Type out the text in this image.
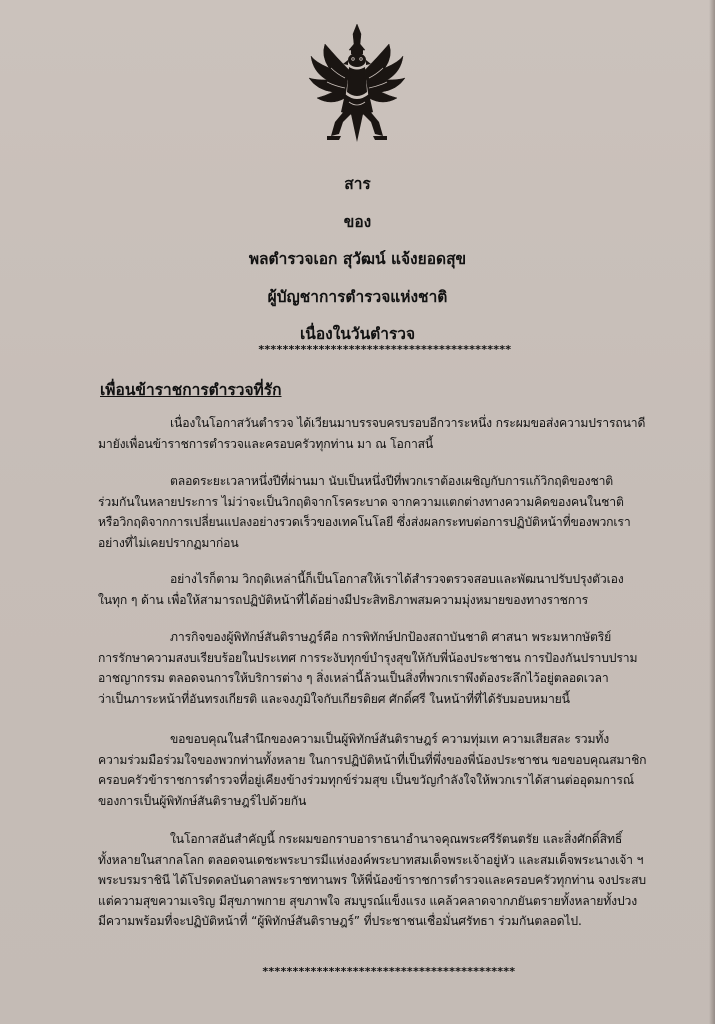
สาร
ของ
พลตำรวจเอก สุวัฒน์ แจ้งยอดสุข
ผู้บัญชาการตำรวจแห่งชาติ
เนื่องในวันตำรวจ
******************************************
เพื่อนข้าราชการตำรวจที่รัก
เนื่องในโอกาสวันตำรวจ ได้เวียนมาบรรจบครบรอบอีกวาระหนึ่ง กระผมขอส่งความปรารถนาดี
มายังเพื่อนข้าราชการตำรวจและครอบครัวทุกท่าน มา ณ โอกาสนี้
ตลอดระยะเวลาหนึ่งปีที่ผ่านมา นับเป็นหนึ่งปีที่พวกเราต้องเผชิญกับการแก้วิกฤติของชาติ
ร่วมกันในหลายประการ ไม่ว่าจะเป็นวิกฤติจากโรคระบาด จากความแตกต่างทางความคิดของคนในชาติ
หรือวิกฤติจากการเปลี่ยนแปลงอย่างรวดเร็วของเทคโนโลยี ซึ่งส่งผลกระทบต่อการปฏิบัติหน้าที่ของพวกเรา
อย่างที่ไม่เคยปรากฏมาก่อน
อย่างไรก็ตาม วิกฤติเหล่านี้ก็เป็นโอกาสให้เราได้สำรวจตรวจสอบและพัฒนาปรับปรุงตัวเอง
ในทุก ๆ ด้าน เพื่อให้สามารถปฏิบัติหน้าที่ได้อย่างมีประสิทธิภาพสมความมุ่งหมายของทางราชการ
ภารกิจของผู้พิทักษ์สันติราษฎร์คือ การพิทักษ์ปกป้องสถาบันชาติ ศาสนา พระมหากษัตริย์
การรักษาความสงบเรียบร้อยในประเทศ การระงับทุกข์บำรุงสุขให้กับพี่น้องประชาชน การป้องกันปราบปราม
อาชญากรรม ตลอดจนการให้บริการต่าง ๆ สิ่งเหล่านี้ล้วนเป็นสิ่งที่พวกเราพึงต้องระลึกไว้อยู่ตลอดเวลา
ว่าเป็นภาระหน้าที่อันทรงเกียรติ และจงภูมิใจกับเกียรติยศ ศักดิ์ศรี ในหน้าที่ที่ได้รับมอบหมายนี้
ขอขอบคุณในสำนึกของความเป็นผู้พิทักษ์สันติราษฎร์ ความทุ่มเท ความเสียสละ รวมทั้ง
ความร่วมมือร่วมใจของพวกท่านทั้งหลาย ในการปฏิบัติหน้าที่เป็นที่พึ่งของพี่น้องประชาชน ขอขอบคุณสมาชิก
ครอบครัวข้าราชการตำรวจที่อยู่เคียงข้างร่วมทุกข์ร่วมสุข เป็นขวัญกำลังใจให้พวกเราได้สานต่ออุดมการณ์
ของการเป็นผู้พิทักษ์สันติราษฎร์ไปด้วยกัน
ในโอกาสอันสำคัญนี้ กระผมขอกราบอาราธนาอำนาจคุณพระศรีรัตนตรัย และสิ่งศักดิ์สิทธิ์
ทั้งหลายในสากลโลก ตลอดจนเดชะพระบารมีแห่งองค์พระบาทสมเด็จพระเจ้าอยู่หัว และสมเด็จพระนางเจ้า ฯ
พระบรมราชินี ได้โปรดดลบันดาลพระราชทานพร ให้พี่น้องข้าราชการตำรวจและครอบครัวทุกท่าน จงประสบ
แต่ความสุขความเจริญ มีสุขภาพกาย สุขภาพใจ สมบูรณ์แข็งแรง แคล้วคลาดจากภยันตรายทั้งหลายทั้งปวง
มีความพร้อมที่จะปฏิบัติหน้าที่ “ผู้พิทักษ์สันติราษฎร์” ที่ประชาชนเชื่อมั่นศรัทธา ร่วมกันตลอดไป.
******************************************
